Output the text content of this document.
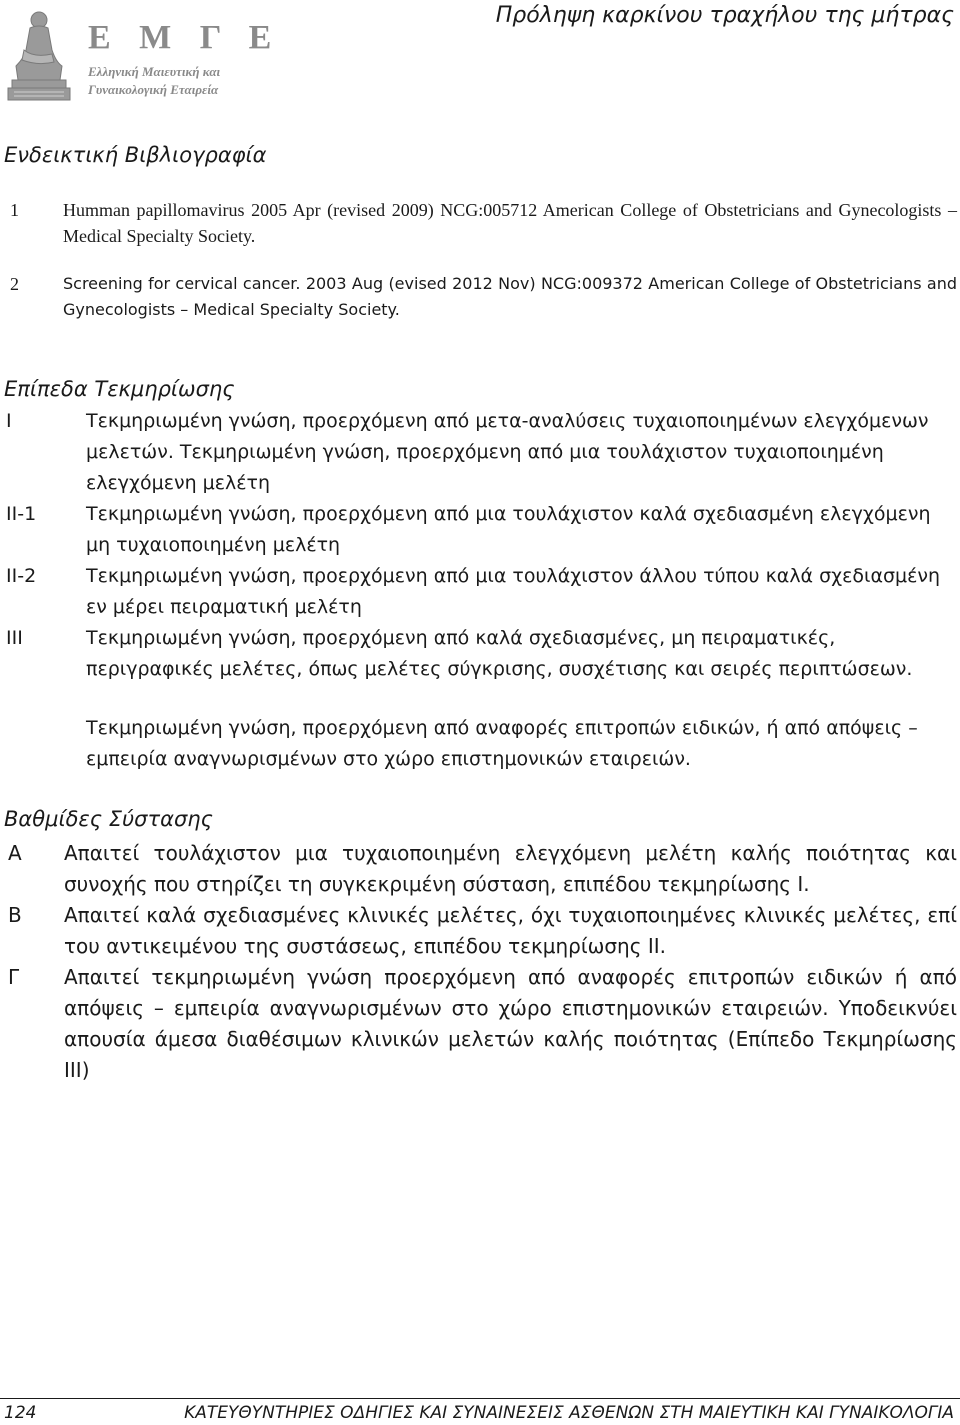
Ε Μ Γ Ε
Ελληνική Μαιευτική και
Γυναικολογική Εταιρεία
Πρόληψη καρκίνου τραχήλου της μήτρας
Ενδεικτική Βιβλιογραφία
1	Humman papillomavirus 2005 Apr (revised 2009) NCG:005712 American College of Obstetricians and Gynecologists – Medical Specialty Society.
2	Screening for cervical cancer. 2003 Aug (evised 2012 Nov) NCG:009372 American College of Obstetricians and Gynecologists – Medical Specialty Society.
Επίπεδα Τεκμηρίωσης
I	Τεκμηριωμένη γνώση, προερχόμενη από μετα-αναλύσεις τυχαιοποιημένων ελεγχόμενων μελετών. Τεκμηριωμένη γνώση, προερχόμενη από μια τουλάχιστον τυχαιοποιημένη ελεγχόμενη μελέτη
II-1	Τεκμηριωμένη γνώση, προερχόμενη από μια τουλάχιστον καλά σχεδιασμένη ελεγχόμενη μη τυχαιοποιημένη μελέτη
II-2	Τεκμηριωμένη γνώση, προερχόμενη από μια τουλάχιστον άλλου τύπου καλά σχεδιασμένη εν μέρει πειραματική μελέτη
III	Τεκμηριωμένη γνώση, προερχόμενη από καλά σχεδιασμένες, μη πειραματικές, περιγραφικές μελέτες, όπως μελέτες σύγκρισης, συσχέτισης και σειρές περιπτώσεων.
Τεκμηριωμένη γνώση, προερχόμενη από αναφορές επιτροπών ειδικών, ή από απόψεις – εμπειρία αναγνωρισμένων στο χώρο επιστημονικών εταιρειών.
Βαθμίδες Σύστασης
Α	Απαιτεί τουλάχιστον μια τυχαιοποιημένη ελεγχόμενη μελέτη καλής ποιότητας και συνοχής που στηρίζει τη συγκεκριμένη σύσταση, επιπέδου τεκμηρίωσης I.
Β	Απαιτεί καλά σχεδιασμένες κλινικές μελέτες, όχι τυχαιοποιημένες κλινικές μελέτες, επί του αντικειμένου της συστάσεως, επιπέδου τεκμηρίωσης II.
Γ	Απαιτεί τεκμηριωμένη γνώση προερχόμενη από αναφορές επιτροπών ειδικών ή από απόψεις – εμπειρία αναγνωρισμένων στο χώρο επιστημονικών εταιρειών. Υποδεικνύει απουσία άμεσα διαθέσιμων κλινικών μελετών καλής ποιότητας (Επίπεδο Τεκμηρίωσης III)
124	ΚΑΤΕΥΘΥΝΤΗΡΙΕΣ ΟΔΗΓΙΕΣ ΚΑΙ ΣΥΝΑΙΝΕΣΕΙΣ ΑΣΘΕΝΩΝ ΣΤΗ ΜΑΙΕΥΤΙΚΗ ΚΑΙ ΓΥΝΑΙΚΟΛΟΓΙΑ
